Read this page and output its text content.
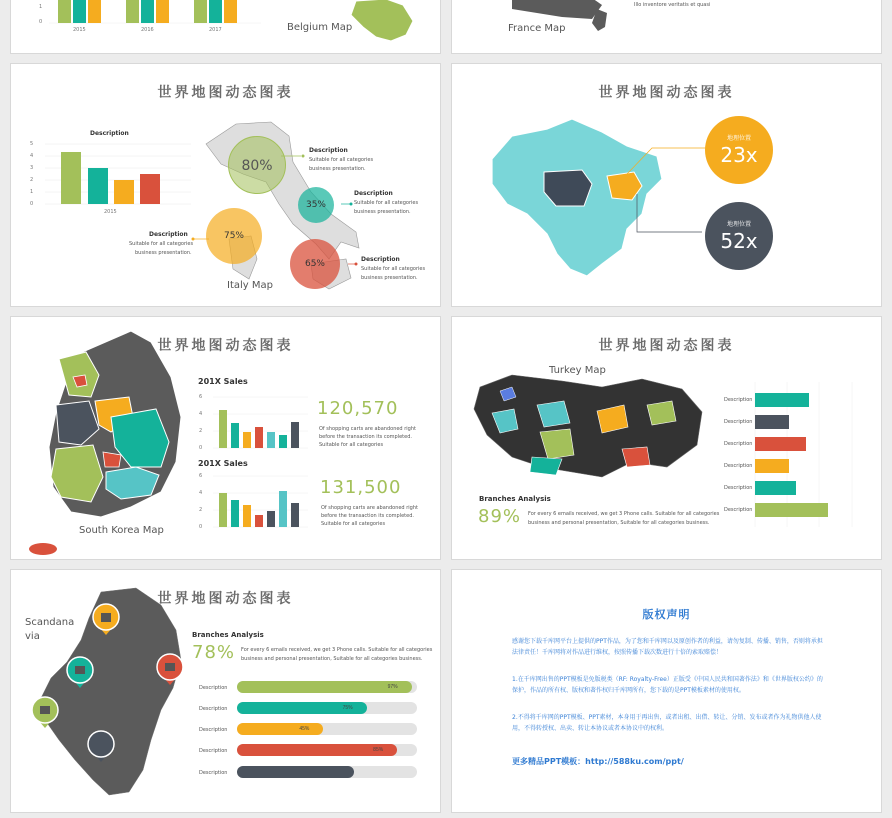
1
0
2015	2016	2017	Belgium Map	France Map
Illo inventore veritatis et quasi
世界地图动态图表
Description
5
4
3
2
1
0
2015
80%
35%
75%
65%
Italy Map
Description
Suitable for all categories
business presentation.
Description
Suitable for all categories
business presentation.
Description
Suitable for all categories
business presentation.
Description
Suitable for all categories
business presentation.
世界地图动态图表
地理位置
23x
地理位置
52x
世界地图动态图表
South Korea Map
201X Sales
6
4
2
0
120,570
Of shopping carts are abandoned right
before the transaction its completed.
Suitable for all categories
201X Sales
6
4
2
0
131,500
Of shopping carts are abandoned right
before the transaction its completed.
Suitable for all categories
世界地图动态图表
Turkey Map
Description
Description
Description
Description
Description
Description
Branches Analysis
89% For every 6 emails received, we get 3 Phone calls. Suitable for all categories
business and personal presentation, Suitable for all categories business.
世界地图动态图表
Scandana
via	Branches Analysis
78% For every 6 emails received, we get 3 Phone calls. Suitable for all categories
business and personal presentation, Suitable for all categories business.
Description	97%
Description	75%
Description	45%
Description	85%
Description
版权声明
感谢您下载千库网平台上提供的PPT作品，为了您和千库网以及原创作者的利益，请勿复制、传播、销售，否则将承担法律责任！千库网将对作品进行维权，按照传播下载次数进行十倍的索取赔偿！
1.在千库网出售的PPT模板是免版税类（RF: Royalty-Free）正版受《中国人民共和国著作法》和《世界版权公约》的保护，作品的所有权、版权和著作权归千库网所有，您下载的是PPT模板素材的使用权。
2.不得将千库网的PPT模板、PPT素材，本身用于再出售，或者出租、出借、转让、分销、发布或者作为礼物供他人使用，不得转授权、出卖、转让本协议或者本协议中的权利。
更多精品PPT模板：http://588ku.com/ppt/
